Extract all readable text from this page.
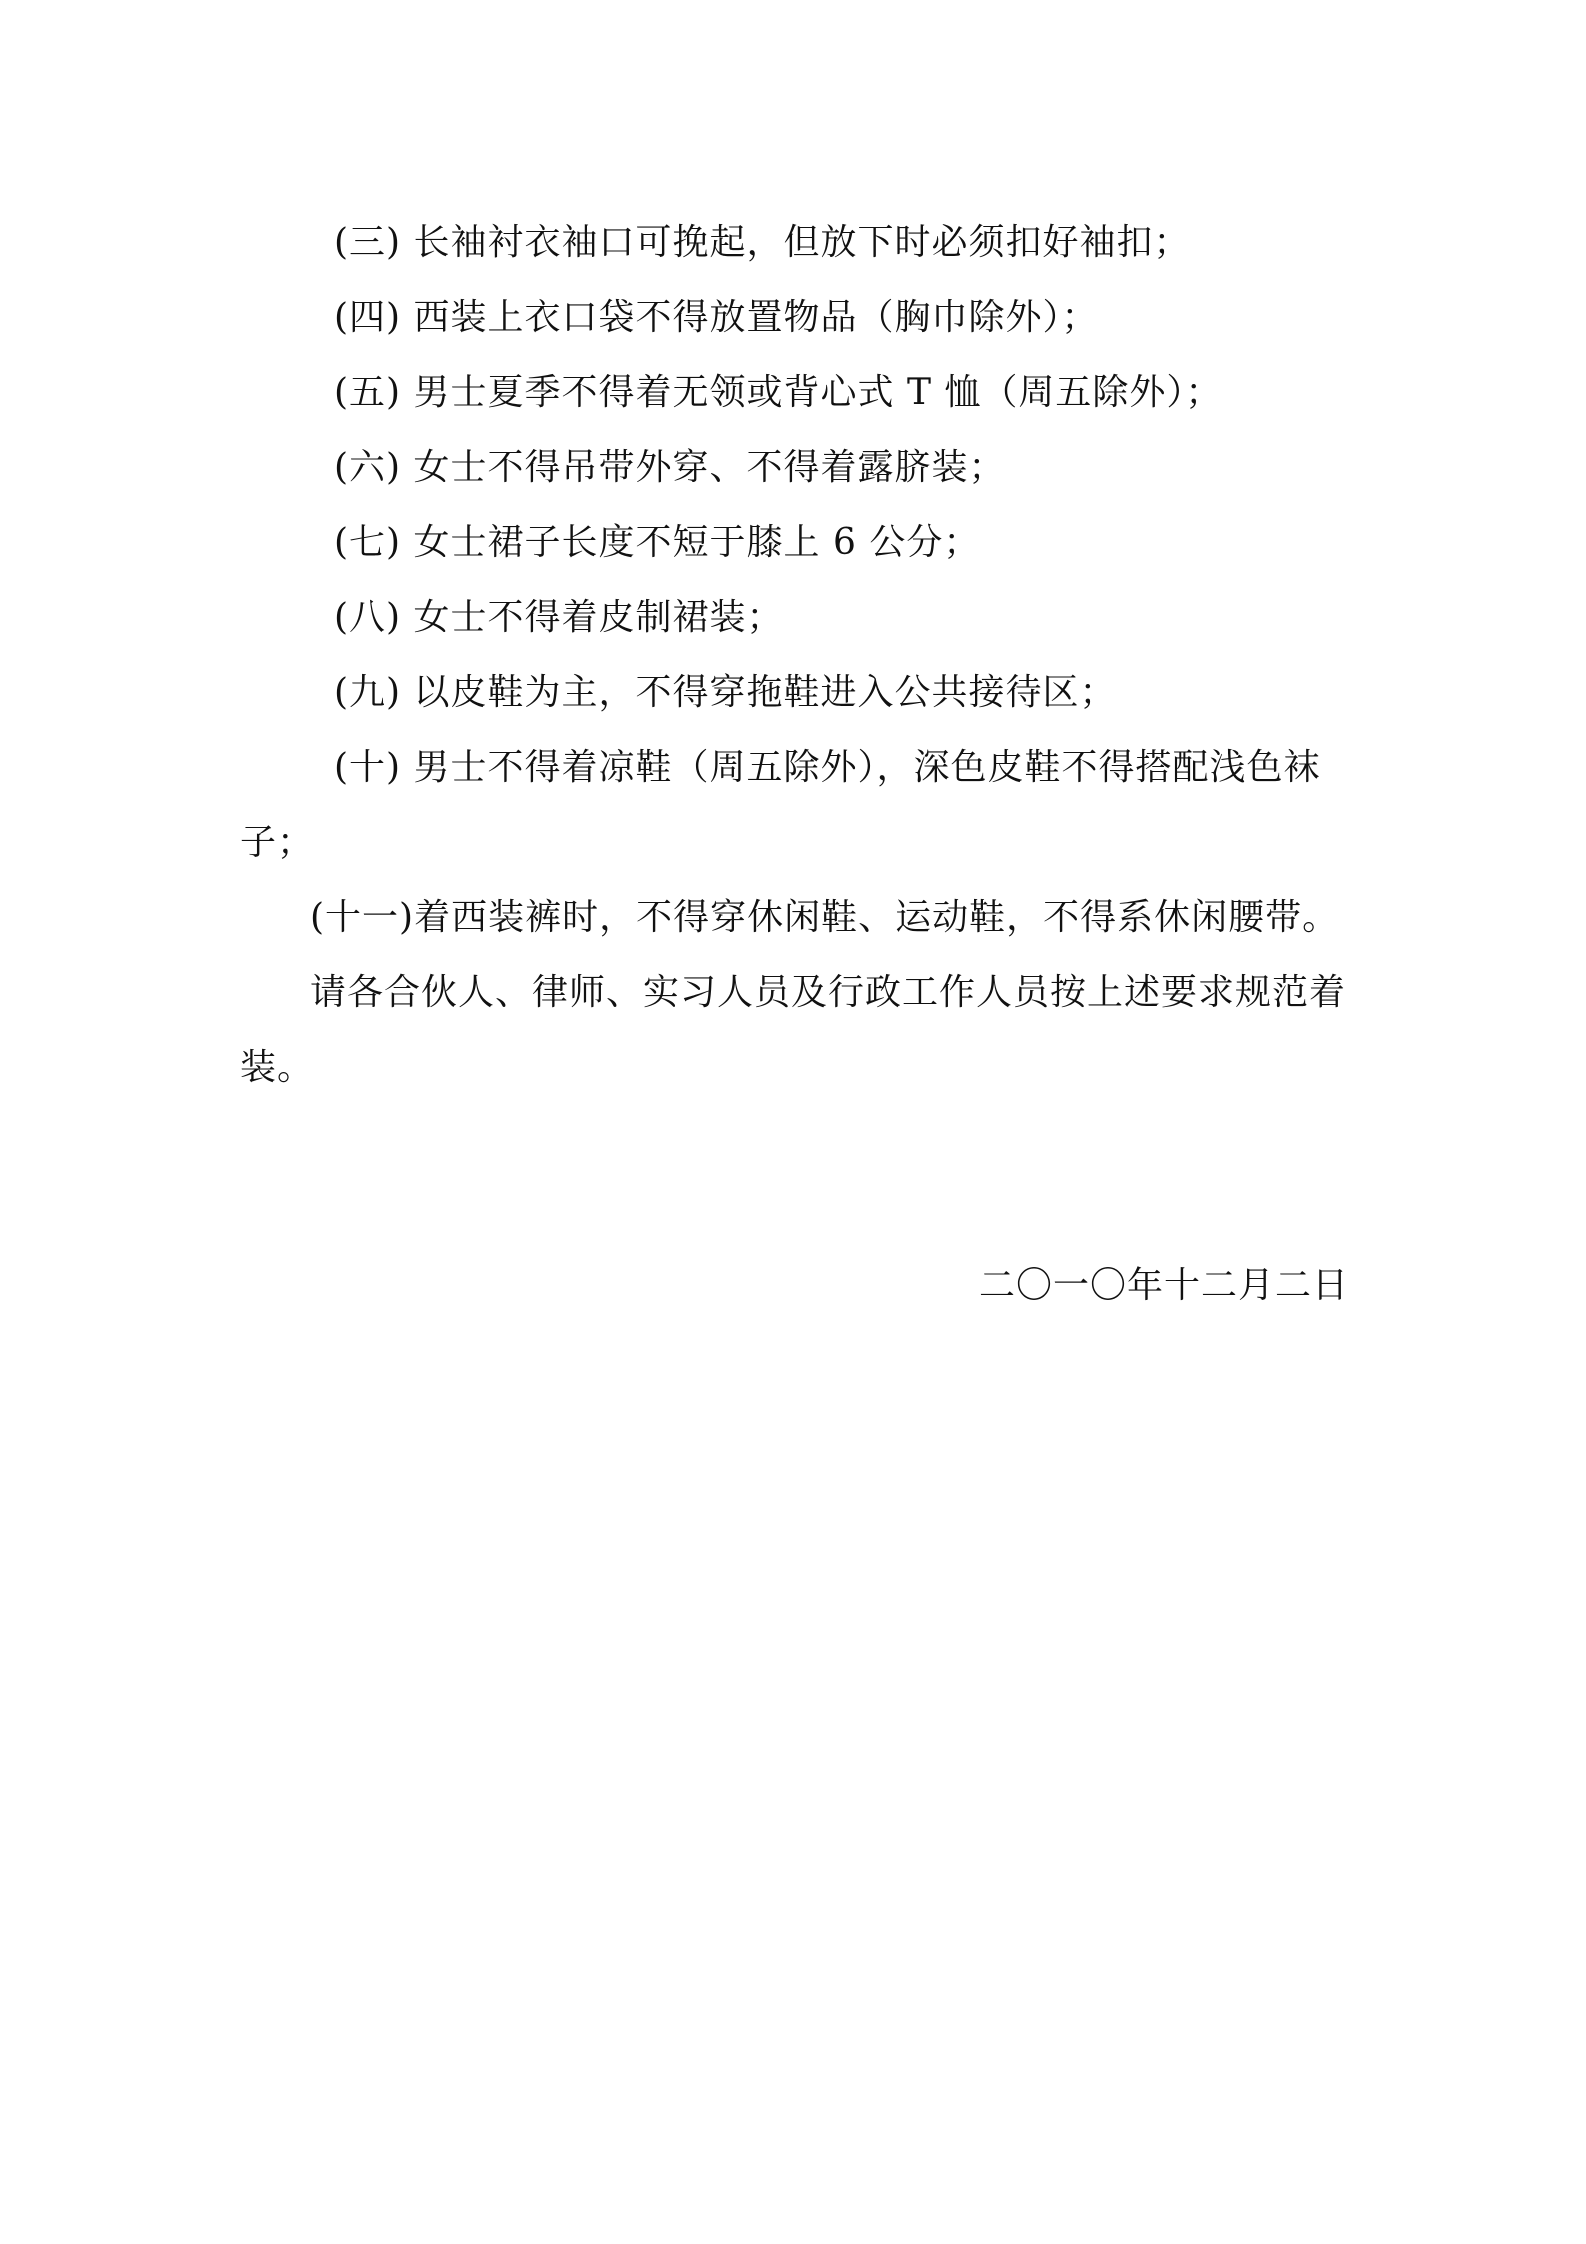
(三) 长袖衬衣袖口可挽起，但放下时必须扣好袖扣；
(四) 西装上衣口袋不得放置物品（胸巾除外）；
(五) 男士夏季不得着无领或背心式 T 恤（周五除外）；
(六) 女士不得吊带外穿、不得着露脐装；
(七) 女士裙子长度不短于膝上 6 公分；
(八) 女士不得着皮制裙装；
(九) 以皮鞋为主，不得穿拖鞋进入公共接待区；
(十) 男士不得着凉鞋（周五除外），深色皮鞋不得搭配浅色袜
子；
(十一)着西装裤时，不得穿休闲鞋、运动鞋，不得系休闲腰带。
请各合伙人、律师、实习人员及行政工作人员按上述要求规范着
装。
二〇一〇年十二月二日
